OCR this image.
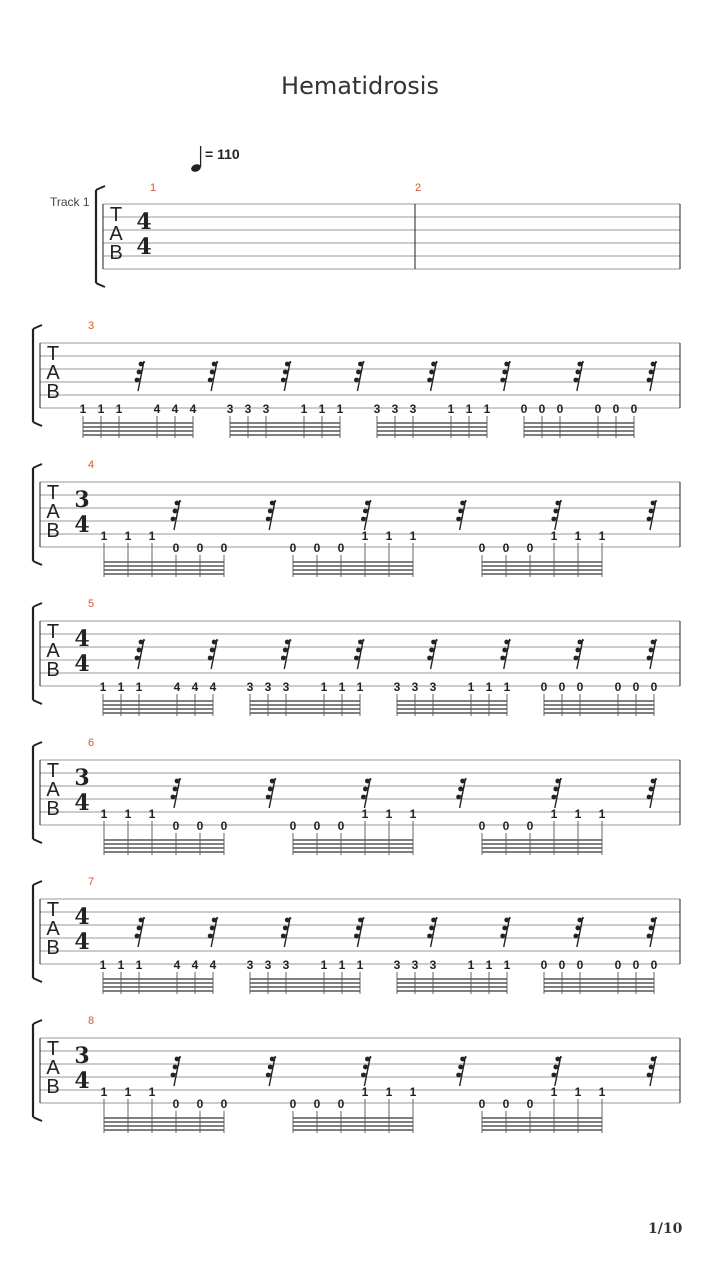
Hematidrosis
= 110
Track 1
T
A
B
1
4
4
2
T
A
B
3
1 1 1	4 4 4	3 3 3	1 1 1	3 3 3	1 1 1	0 0 0	0 0 0
T
A
B
4
3
4 1 1 1
0 0 0	0 0 0
1 1 1
0 0 0
1 1 1
T
A
B
5
4
4
1 1 1	4 4 4	3 3 3	1 1 1	3 3 3	1 1 1	0 0 0	0 0 0
T
A
B
6
3
4 1 1 1
0 0 0	0 0 0
1 1 1
0 0 0
1 1 1
T
A
B
7
4
4
1 1 1	4 4 4	3 3 3	1 1 1	3 3 3	1 1 1	0 0 0	0 0 0
T
A
B
8
3
4 1 1 1
0 0 0	0 0 0
1 1 1
0 0 0
1 1 1
1/10
